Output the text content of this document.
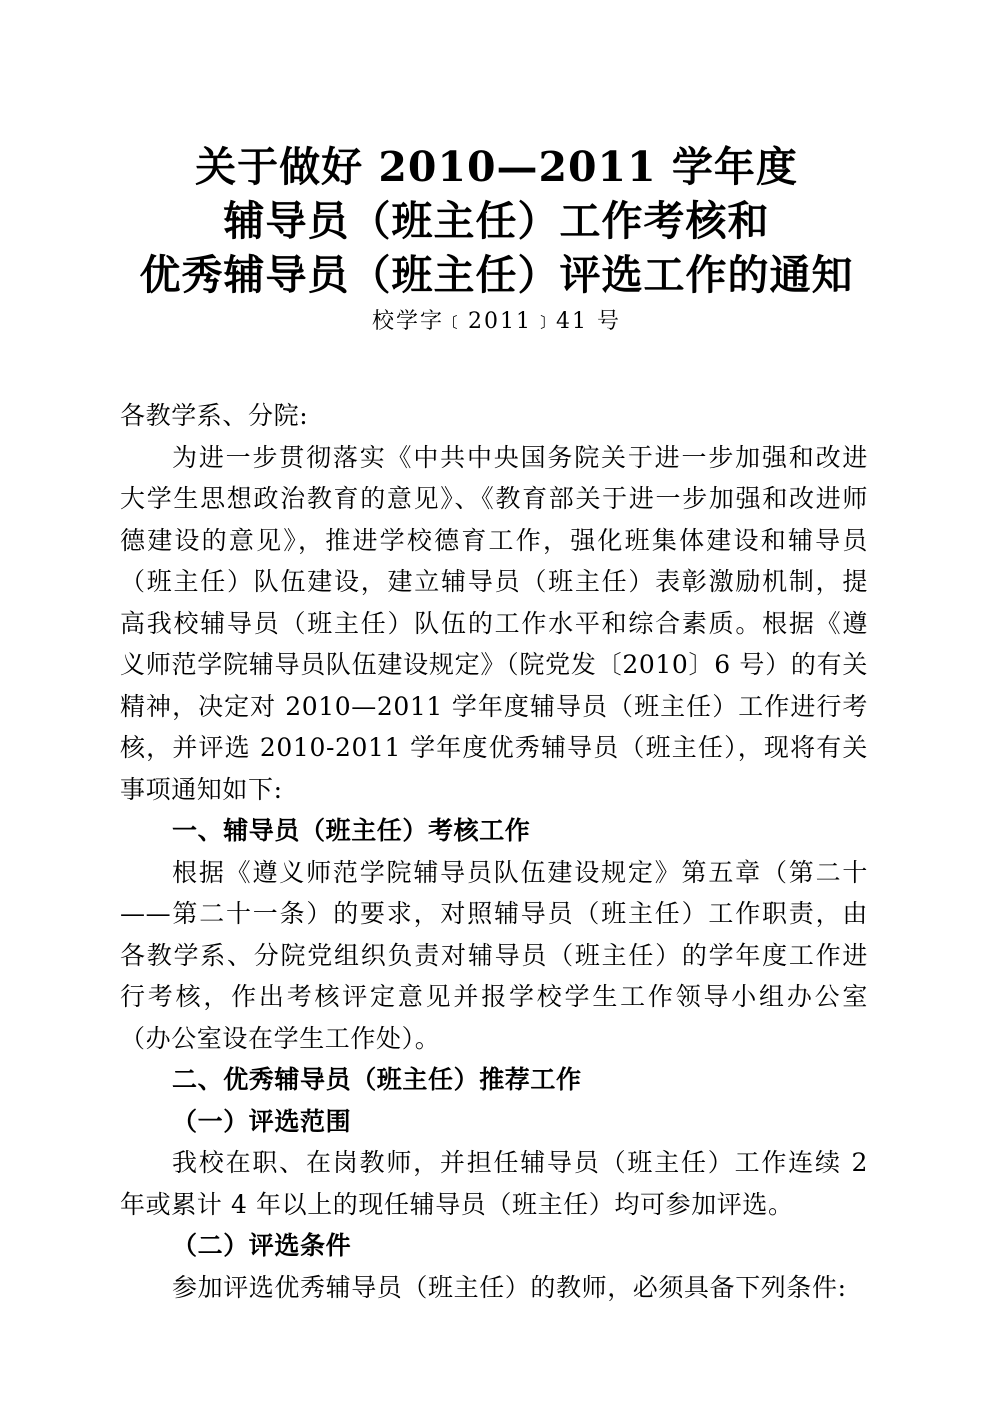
关于做好 2010—2011 学年度
辅导员（班主任）工作考核和
优秀辅导员（班主任）评选工作的通知
校学字﹝2011﹞41 号
各教学系、分院:
为进一步贯彻落实《中共中央国务院关于进一步加强和改进
大学生思想政治教育的意见》、《教育部关于进一步加强和改进师
德建设的意见》，推进学校德育工作，强化班集体建设和辅导员
（班主任）队伍建设，建立辅导员（班主任）表彰激励机制，提
高我校辅导员（班主任）队伍的工作水平和综合素质。根据《遵
义师范学院辅导员队伍建设规定》（院党发〔2010〕6 号）的有关
精神，决定对 2010—2011 学年度辅导员（班主任）工作进行考
核，并评选 2010-2011 学年度优秀辅导员（班主任），现将有关
事项通知如下:
一、辅导员（班主任）考核工作
根据《遵义师范学院辅导员队伍建设规定》第五章（第二十
——第二十一条）的要求，对照辅导员（班主任）工作职责，由
各教学系、分院党组织负责对辅导员（班主任）的学年度工作进
行考核，作出考核评定意见并报学校学生工作领导小组办公室
（办公室设在学生工作处）。
二、优秀辅导员（班主任）推荐工作
（一）评选范围
我校在职、在岗教师，并担任辅导员（班主任）工作连续 2
年或累计 4 年以上的现任辅导员（班主任）均可参加评选。
（二）评选条件
参加评选优秀辅导员（班主任）的教师，必须具备下列条件:
